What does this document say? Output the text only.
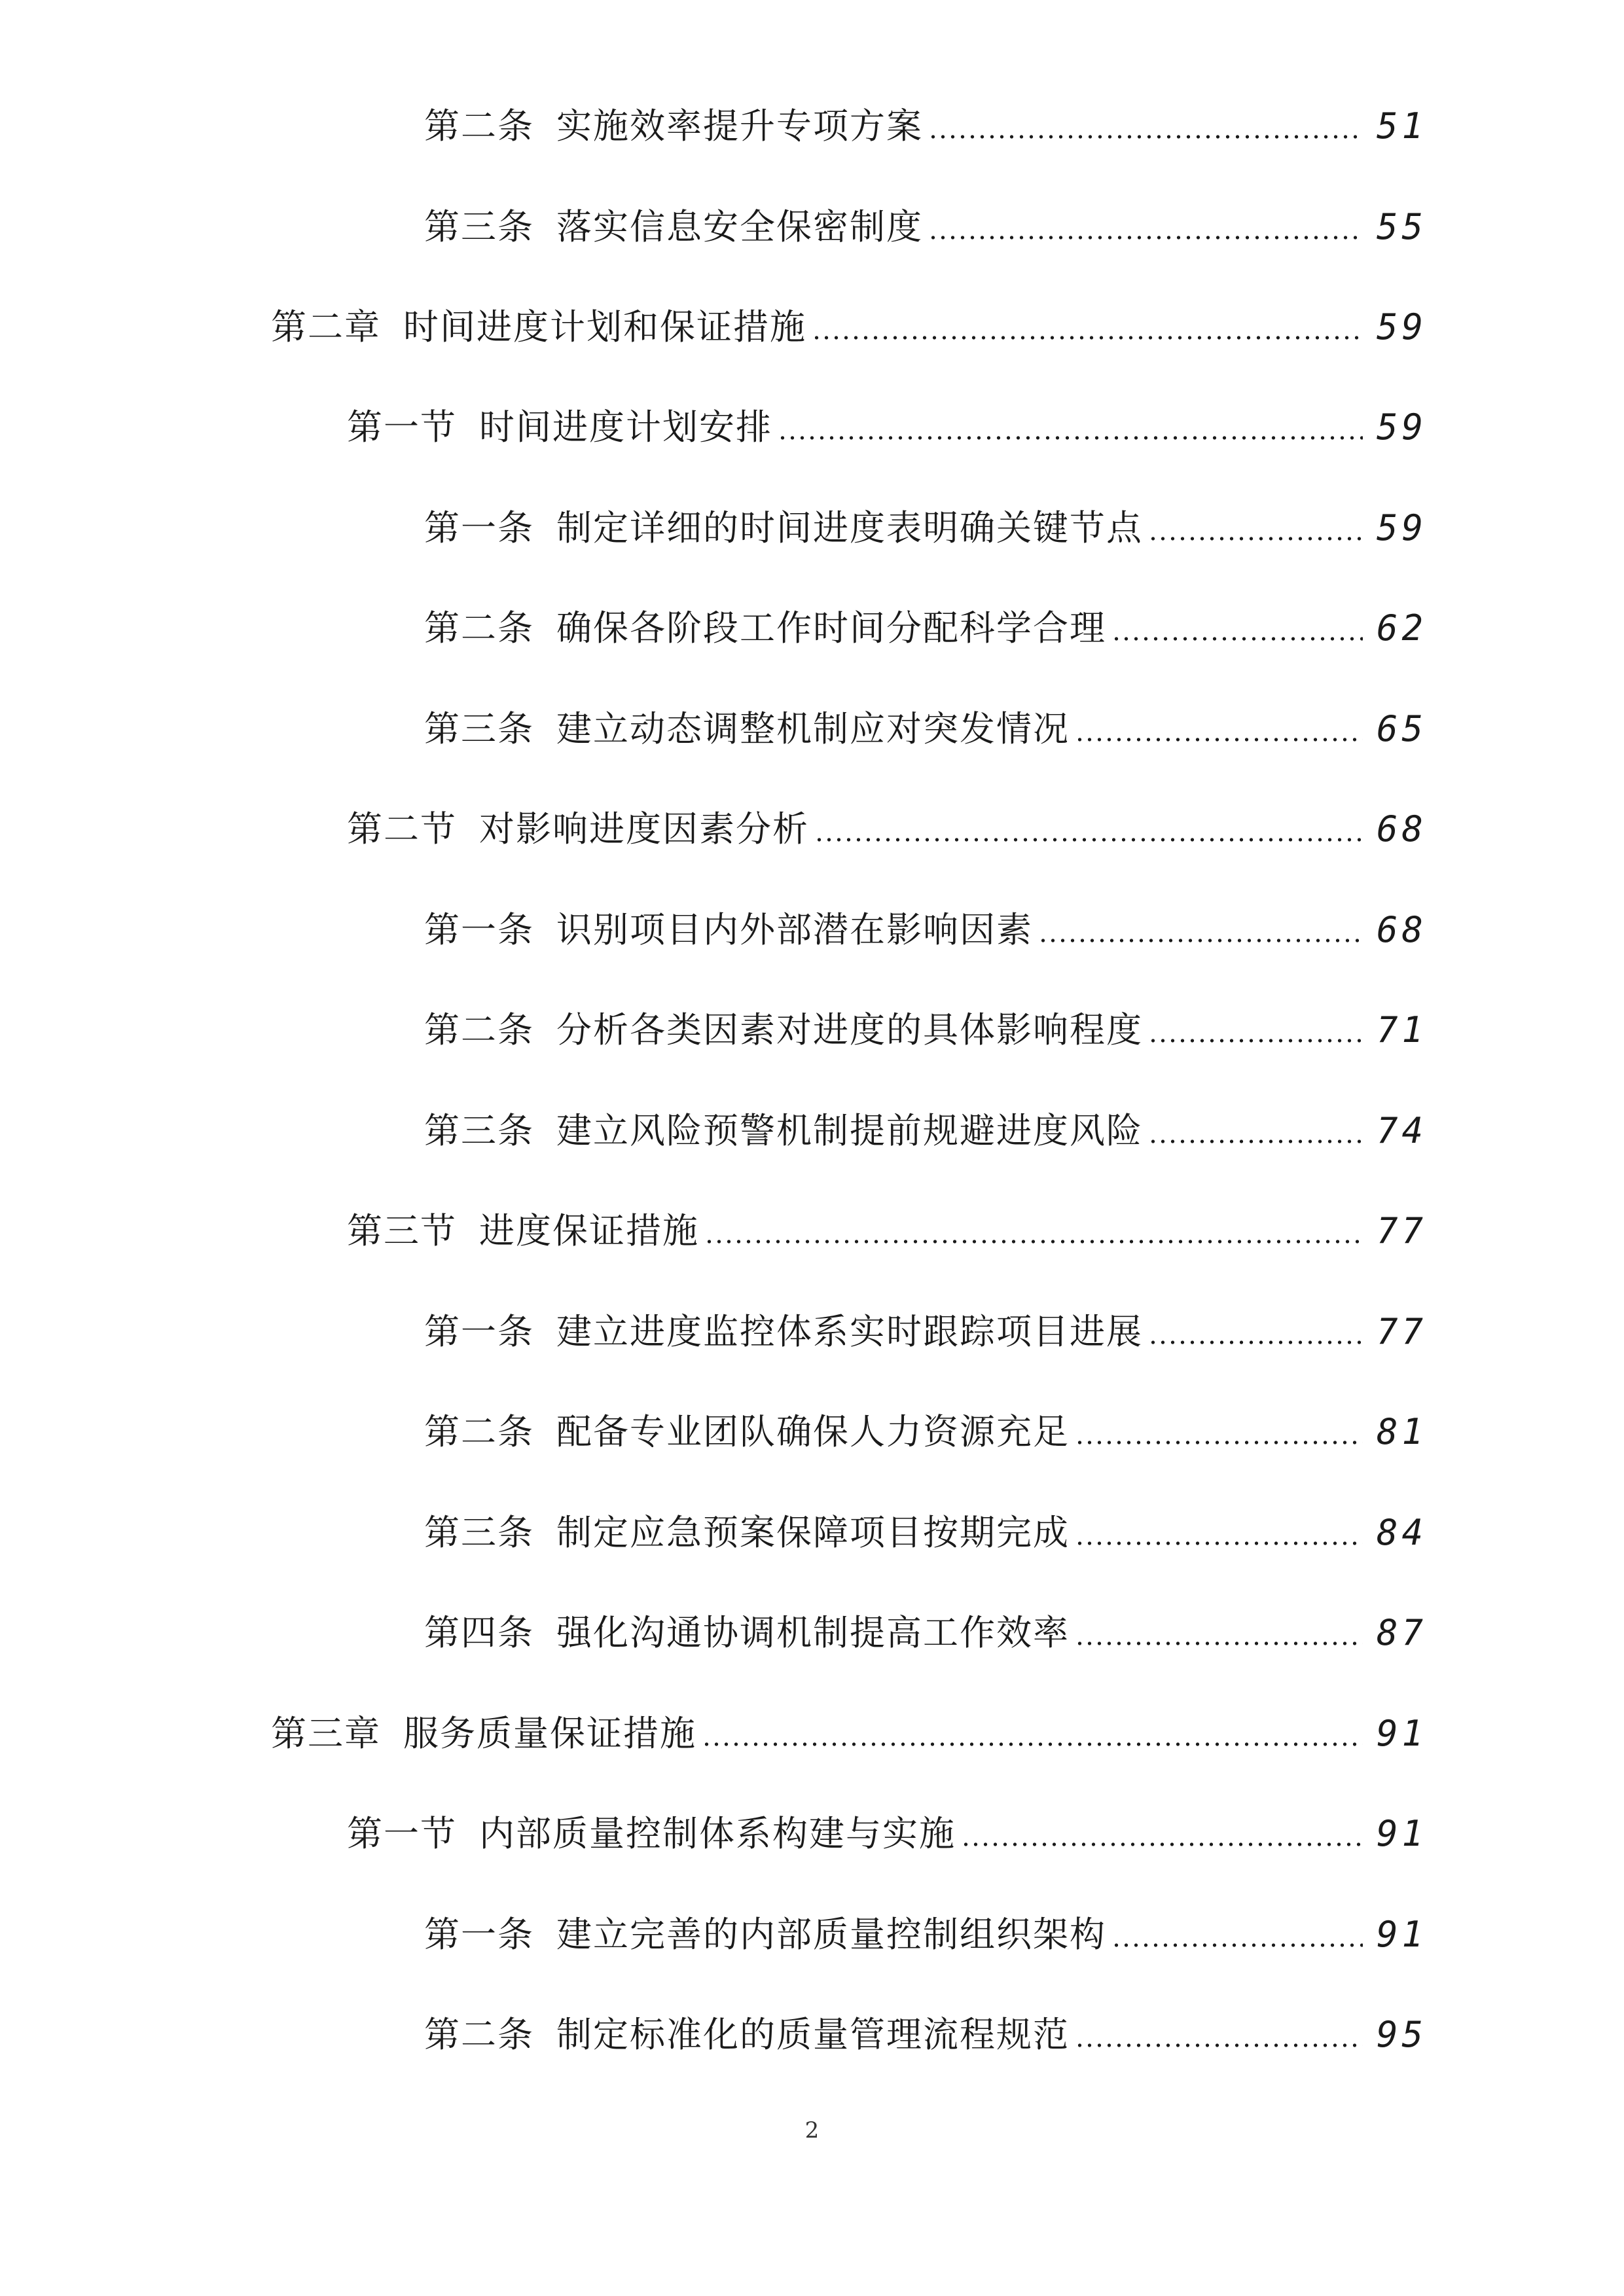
第二条 实施效率提升专项方案	51
第三条 落实信息安全保密制度	55
第二章 时间进度计划和保证措施	59
第一节 时间进度计划安排	59
第一条 制定详细的时间进度表明确关键节点	59
第二条 确保各阶段工作时间分配科学合理	62
第三条 建立动态调整机制应对突发情况	65
第二节 对影响进度因素分析	68
第一条 识别项目内外部潜在影响因素	68
第二条 分析各类因素对进度的具体影响程度	71
第三条 建立风险预警机制提前规避进度风险	74
第三节 进度保证措施	77
第一条 建立进度监控体系实时跟踪项目进展	77
第二条 配备专业团队确保人力资源充足	81
第三条 制定应急预案保障项目按期完成	84
第四条 强化沟通协调机制提高工作效率	87
第三章 服务质量保证措施	91
第一节 内部质量控制体系构建与实施	91
第一条 建立完善的内部质量控制组织架构	91
第二条 制定标准化的质量管理流程规范	95
2
